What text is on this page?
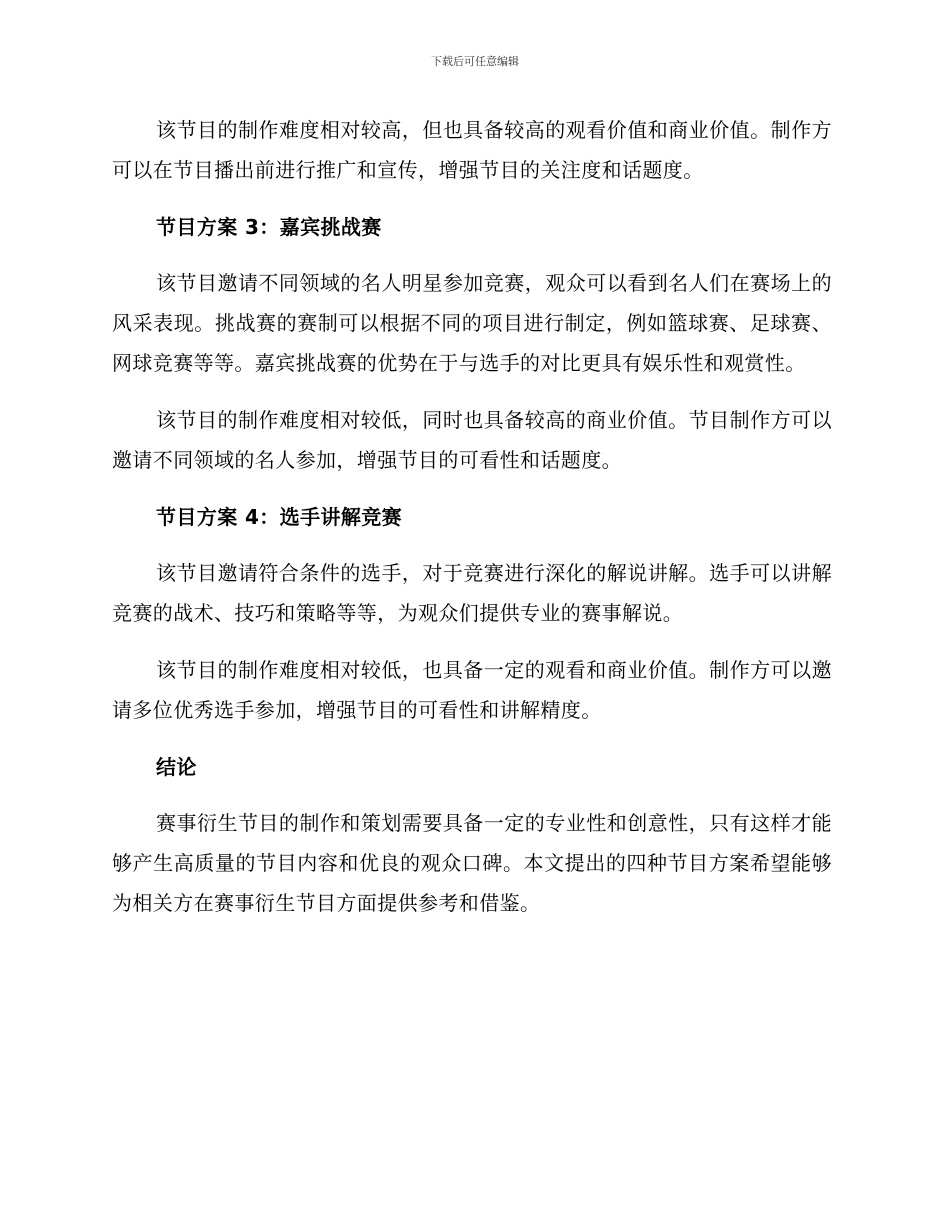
下载后可任意编辑

该节目的制作难度相对较高，但也具备较高的观看价值和商业价值。制作方可以在节目播出前进行推广和宣传，增强节目的关注度和话题度。

节目方案 3：嘉宾挑战赛

该节目邀请不同领域的名人明星参加竞赛，观众可以看到名人们在赛场上的风采表现。挑战赛的赛制可以根据不同的项目进行制定，例如篮球赛、足球赛、网球竞赛等等。嘉宾挑战赛的优势在于与选手的对比更具有娱乐性和观赏性。

该节目的制作难度相对较低，同时也具备较高的商业价值。节目制作方可以邀请不同领域的名人参加，增强节目的可看性和话题度。

节目方案 4：选手讲解竞赛

该节目邀请符合条件的选手，对于竞赛进行深化的解说讲解。选手可以讲解竞赛的战术、技巧和策略等等，为观众们提供专业的赛事解说。

该节目的制作难度相对较低，也具备一定的观看和商业价值。制作方可以邀请多位优秀选手参加，增强节目的可看性和讲解精度。

结论

赛事衍生节目的制作和策划需要具备一定的专业性和创意性，只有这样才能够产生高质量的节目内容和优良的观众口碑。本文提出的四种节目方案希望能够为相关方在赛事衍生节目方面提供参考和借鉴。
